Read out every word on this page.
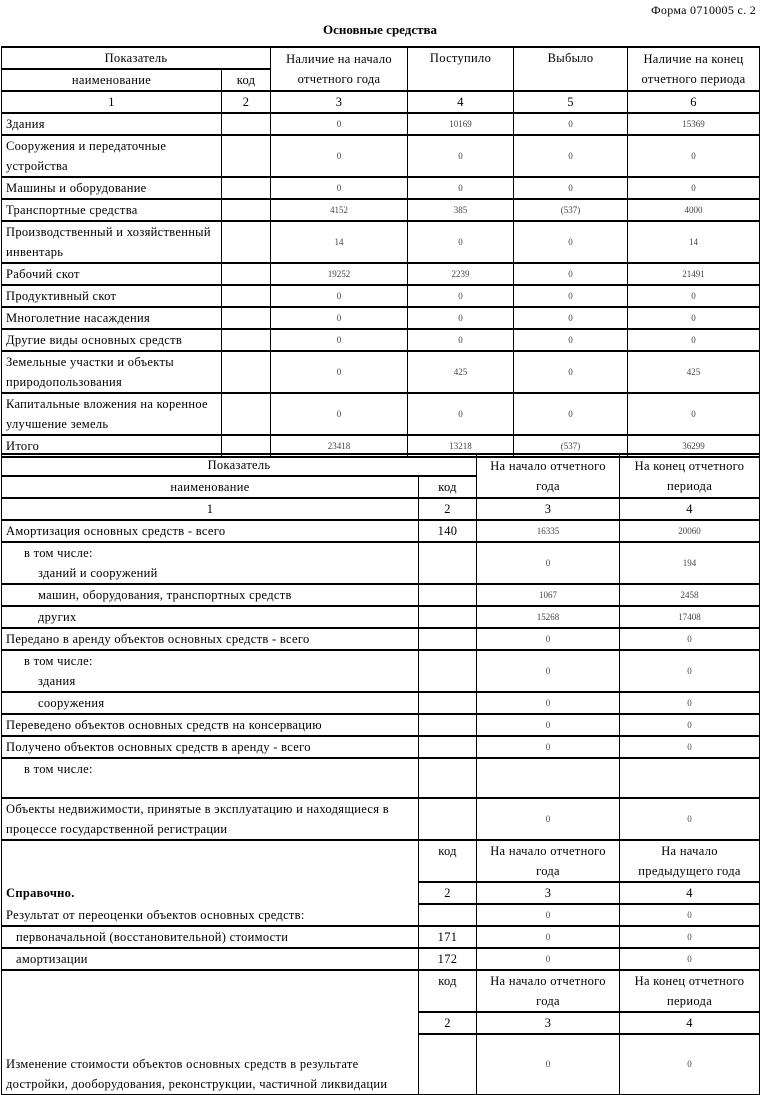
Форма 0710005 с. 2
Основные средства
Показатель		Наличие на начало отчетного года	Поступило	Выбыло	Наличие на конец отчетного периода
наименование	код				
1	2	3	4	5	6
Здания		0	10169	0	15369
Сооружения и передаточные устройства		0	0	0	0
Машины и оборудование		0	0	0	0
Транспортные средства		4152	385	(537)	4000
Производственный и хозяйственный инвентарь		14	0	0	14
Рабочий скот		19252	2239	0	21491
Продуктивный скот		0	0	0	0
Многолетние насаждения		0	0	0	0
Другие виды основных средств		0	0	0	0
Земельные участки и объекты природопользования		0	425	0	425
Капитальные вложения на коренное улучшение земель		0	0	0	0
Итого		23418	13218	(537)	36299
Показатель		На начало отчетного года	На конец отчетного периода
наименование	код		
1	2	3	4
Амортизация основных средств - всего	140	16335	20060

в том числе:
зданий и сооружений		0	194
машин, оборудования, транспортных средств		1067	2458
других		15268	17408
Передано в аренду объектов основных средств - всего		0	0

в том числе:
здания		0	0
сооружения		0	0
Переведено объектов основных средств на консервацию		0	0
Получено объектов основных средств в аренду - всего		0	0
в том числе:			
Объекты недвижимости, принятые в эксплуатацию и находящиеся в процессе государственной регистрации		0	0
	код	На начало отчетного года	На начало предыдущего года
Справочно.	2	3	4
Результат от переоценки объектов основных средств:		0	0
первоначальной (восстановительной) стоимости	171	0	0
амортизации	172	0	0
	код	На начало отчетного года	На конец отчетного периода
	2	3	4
Изменение стоимости объектов основных средств в результате достройки, дооборудования, реконструкции, частичной ликвидации		0	0
